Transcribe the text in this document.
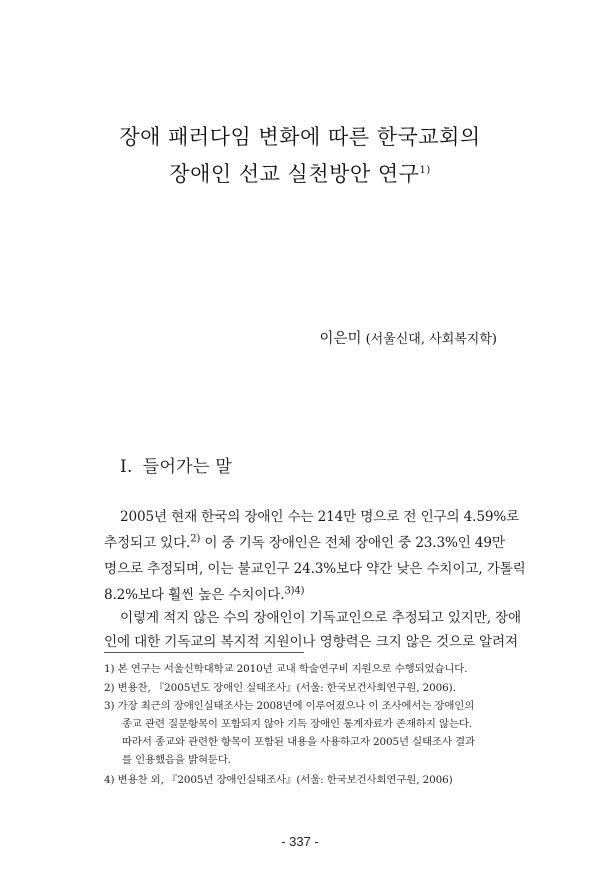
장애 패러다임 변화에 따른 한국교회의
장애인 선교 실천방안 연구$^{1)}$
이은미 (서울신대, 사회복지학)
Ⅰ. 들어가는 말
2005년 현재 한국의 장애인 수는 214만 명으로 전 인구의 4.59%로
추정되고 있다.$^{2)}$ 이 중 기독 장애인은 전체 장애인 중 23.3%인 49만
명으로 추정되며, 이는 불교인구 24.3%보다 약간 낮은 수치이고, 가톨릭
8.2%보다 훨씬 높은 수치이다.$^{3)4)}$
이렇게 적지 않은 수의 장애인이 기독교인으로 추정되고 있지만, 장애
인에 대한 기독교의 복지적 지원이나 영향력은 크지 않은 것으로 알려져
1) 본 연구는 서울신학대학교 2010년 교내 학술연구비 지원으로 수행되었습니다.
2) 변용찬, 『2005년도 장애인 실태조사』(서울: 한국보건사회연구원, 2006).
3) 가장 최근의 장애인실태조사는 2008년에 이루어졌으나 이 조사에서는 장애인의
종교 관련 질문항목이 포함되지 않아 기독 장애인 통계자료가 존재하지 않는다.
따라서 종교와 관련한 항목이 포함된 내용을 사용하고자 2005년 실태조사 결과
를 인용했음을 밝혀둔다.
4) 변용찬 외, 『2005년 장애인실태조사』(서울: 한국보건사회연구원, 2006)
- 337 -
